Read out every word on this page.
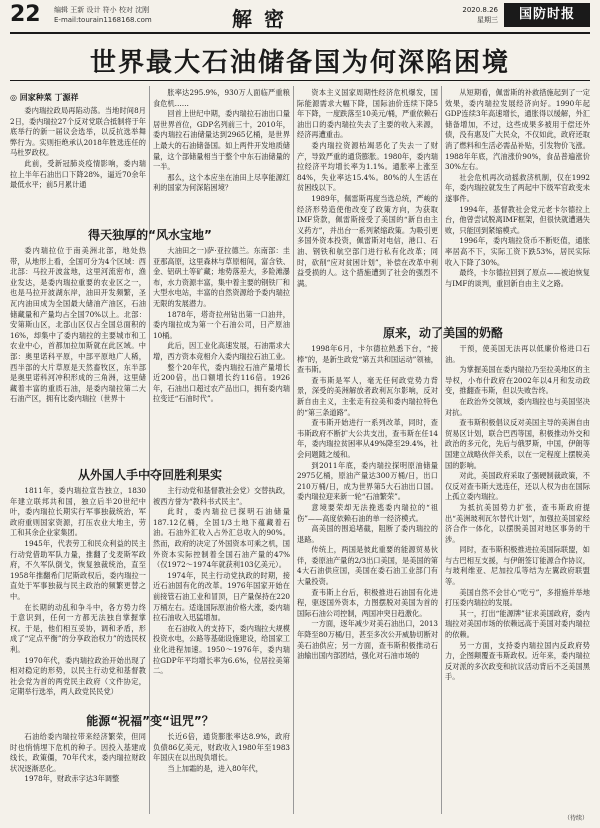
22 编辑 王新 设计 符小 校对 沈刚
E-mail:tourain1168168.com	解密	2020.8.26
星期三	国防时报
世界最大石油储备国为何深陷困境
◎ 回家种菜 丁源祥

委内瑞拉政局再陷动荡。当地时间8月2日，委内瑞拉27个反对党联合抵制将于年底举行的新一届议会选举，以反抗选举舞弊行为。实则拒绝承认2018年胜选连任的马杜罗政权。

此前，受新冠肺炎疫情影响，委内瑞拉上半年石油出口下降28%，逼近70余年最低水平；前5月累计通

胀率达295.9%，930万人面临严重粮食危机……

回首上世纪中期，委内瑞拉石油出口量居世界首位，GDP名列前三十，2010年，委内瑞拉石油储量达到2965亿桶，是世界上最大的石油储备国。如上两件开发地质储量，这个部储量相当于整个中东石油储量的一半。

那么，这个本应坐在油田上尽享能源红利的国家为何深陷困境？

得天独厚的“风水宝地”

委内瑞拉位于南美洲北部，地处热带，从地形上看，全国可分为4个区域：西北部：马拉开波盆地，这里河流密布，渔业发达，是委内瑞拉重要的农业区之一，也是马拉开波湖东岸，油田开发频繁，圣瓦内油田成为全国最大储油产油区，石油储藏量和产量均占全国70%以上。北部：安第斯山区，北部山区仅占全国总面积的16%，却集中了委内瑞拉的主要城市和工农业中心，首都加拉加斯就在此区域。中部：奥里诺科平原，中部平原地广人稀，西半部的大片草原是天然畜牧区，东半部是奥里诺科河冲积形成的三角洲，这里储藏着丰富的重质石油，是委内瑞拉第二大石油产区，拥有比委内瑞拉（世界十

大油田之一)萨·亚拉德兰。东南部：圭亚那高原，这里森林与草原相间，富含铁、金、铝矾土等矿藏；地势落差大，多险滩瀑布，水力资源丰富，集中着主要的钢铁厂和大型水电站，丰富的自然资源给予委内瑞拉无限的发展潜力。

1878年，塔奇拉州钻出第一口油井，委内瑞拉成为第一个石油公司，日产原油10桶。

此后，因工业化高速发展，石油需求大增，西方资本竞相介入委内瑞拉石油工业。

整个20年代，委内瑞拉石油产量增长近200倍，出口额增长约116倍。1926年，石油出口超过农产品出口，拥有委内瑞拉变迁“石油时代”。

从外国人手中夺回胜利果实

1811年，委内瑞拉宣告独立，1830年建立联邦共和国，独立后半20世纪中叶，委内瑞拉长期实行军事独裁统治，军政府重则国家资源，打压农业大地主，劳工和其余企业家集团。

1945年，代表劳工和民众利益的民主行动党借助军队力量，推翻了戈麦斯军政府，不久军队倒戈，恢复独裁统治，直至1958年推翻希门尼斯政权后，委内瑞拉一直处于军事独裁与民主政治的频繁更替之中。

在长期的动乱和争斗中，各方势力终于意识到，任何一方都无法独自掌握掌权。于是，他们相互妥协，调和矛盾，形成了“定点平衡”的分享政治权力”的选民权利。

1970年代，委内瑞拉政治开始出现了相对稳定的形势，以民主行动党和基督教社会党为首的两党民主政府（文件协定，定期举行选举，两人政党民民党）

主行动党和基督教社会党）交替执政，被西方誉为“教科书式民主”。

此时，委内瑞拉已探明石油储量187.12亿桶，全国1/3土地下蕴藏着石油。石油外汇收入占外汇总收入的90%。然而，政府的决定了外国资本可乘之机，国外资本实际控制着全国石油产量的47%（仅1972～1974年就获利103亿美元）。

1974年，民主行动党执政的时期，接近石油国有化的改革。1976年国家开始在前接管石油工业和冒顶，日产量保持在220万桶左右。适逢国际原油价格大涨，委内瑞拉石油收入迅猛增加。

在石油收入的支持下，委内瑞拉大规模投资水电，公路等基础设施建设，给国家工业化进程加速。1950～1976年，委内瑞拉GDP年平均增长率为6.6%，位居拉美第二。

能源“祝福”变“诅咒”？

石油给委内瑞拉带来经济繁荣，但同时也悄悄埋下危机的种子。因投入基建成线长，政策僵，70年代末，委内瑞拉财政状况逐渐恶化。

1978年，财政赤字达3年调整

长近6倍，通货膨胀率达8.9%，政府负债86亿美元，财政收入1980年至1983年国庆在以出现负增长。

当上加霜的是，进入80年代，

资本主义国家周期性经济危机爆发，国际能源需求大幅下降，国际油价连续下降5年下降，一度跌落至10美元/桶，严重依赖石油出口的委内瑞拉失去了主要的收入来源，经济再遭重击。

委内瑞拉资源枯竭恶化了失去一了财产，导致严重的通货膨胀。1980年，委内瑞拉经济平均增长率为1.1%。通胀率上涨至84%，失业率达15.4%。80%的人生活在贫困线以下。

1989年，佩雷斯再度当选总统，严峻的经济形势造使他改变了政策方向，为获取IMF贷款，佩雷斯接受了美国的“新自由主义药方”，并出台一系列紧缩政策。为吸引更多国外资本投资，佩雷斯对电信，港口、石油、钢铁和航空部门进行私有化改革；同时，砍削“应对贫困计划”，补偿在改革中利益受损的人。这个措施遭到了社会的强烈不满。

从短期看，佩雷斯的补救措施起到了一定效果，委内瑞拉发展经济向好。1990年起GDP连续3年高速增长，通胀得以缓解，外汇储备增加，不过，这些成果多被用于偿还外债，没有惠及广大民众，不仅如此，政府还取消了燃料和生活必需品补贴，引发物价飞涨。1988年年底，汽油涨价90%，食品普遍涨价30%左右。

社会危机再次动摇救济机制，仅在1992年，委内瑞拉就发生了两起中下级军官政变未遂事件。

1994年，基督教社会党元老卡尔德拉上台，他曾尝试脱离IMF框架，但很快就遭遇失败，只能回到紧缩模式。

1996年，委内瑞拉货币不断贬值，通胀率居高不下，实际工资下跌53%，居民实际收入下降了30%。

最终，卡尔德拉回到了原点——被迫恢复与IMF的谈判，重回新自由主义之路。

原来，动了美国的奶酪

1998年6月，卡尔德拉熟悉下台，“接棒”的，是新生政党“第五共和国运动”领袖，查韦斯。

查韦斯是军人，毫无任何政党势力背景，深受的美洲解放者政利瓦尔影响，反对新自由主义，主张走有拉美和委内瑞拉特色的“第三条道路”。

查韦斯开始进行一系列改革，同时，查韦斯政府不断扩大公共支出，查韦斯在任14年，委内瑞拉贫困率从49%降至29.4%，社会问题随之缓和。

到2011年底，委内瑞拉探明原油储量2975亿桶，原油产量达300万桶/日，出口210万桶/日，成为世界第5大石油出口国。委内瑞拉迎来新一轮“石油繁荣”。

意境要荣却无法挽逃委内瑞拉的“祖伤”——高度依赖石油的单一经济模式。

高美国的围追堵截，阻断了委内瑞拉的退路。

传统上，两国是彼此重要的能源贸易伙伴，委原油产量的2/3出口美国，是美国的第4大石油供应国，美国在委石油工业部门有大量投资。

查韦斯上台后，积极推进石油国有化进程，驱逐国外资本，力图摆脱对美国为首的国际石油公司控制，两国冲突日趋激化。

一方面，逐年减少对美石油出口，2013年降至80万桶/日，甚至多次公开威胁切断对美石油供应；另一方面，查韦斯积极推动石油输出国内部团结，强化对石油市场的

干预，使美国无法再以低廉价格进口石油。

为掌握美国在委内瑞拉乃至拉美地区的主导权，小布什政府在2002年以4月和发动政变，推翻查韦斯，但以失败告终。

在政治外交领域，委内瑞拉也与美国坚决对抗。

查韦斯积极倡议反对美国主导的美洲自由贸易区计划，联合巴西等国，积极推动外交和政治的多元化，先后与俄罗斯，中国，伊朗等国建立战略伙伴关系，以在一定程度上摆脱美国的影响。

对此，美国政府采取了强硬制裁政策，不仅反对查韦斯大选连任，还以人权为由在国际上孤立委内瑞拉。

为抵抗美国势力扩张，查韦斯政府提出“美洲玻利瓦尔替代计划”，加强拉美国家经济合作一体化，以摆脱美国对地区事务的干涉。

同时，查韦斯积极推进拉美国际联盟，如与古巴相互支援，与伊朗签订能源合作协议，与玻利维亚、尼加拉瓜等结为左翼政府联盟等。

美国自然不会甘心“吃亏”，多措施并举地打压委内瑞拉的发展。

其一，打出“能源牌”征求美国政府，委内瑞拉对美国市场的依赖远高于美国对委内瑞拉的依赖。

另一方面，支持委内瑞拉国内反政府势力，企图颠覆查韦斯政权。近年来，委内瑞拉反对派的多次政变和抗议活动背后不乏美国黑手。

（待续）
